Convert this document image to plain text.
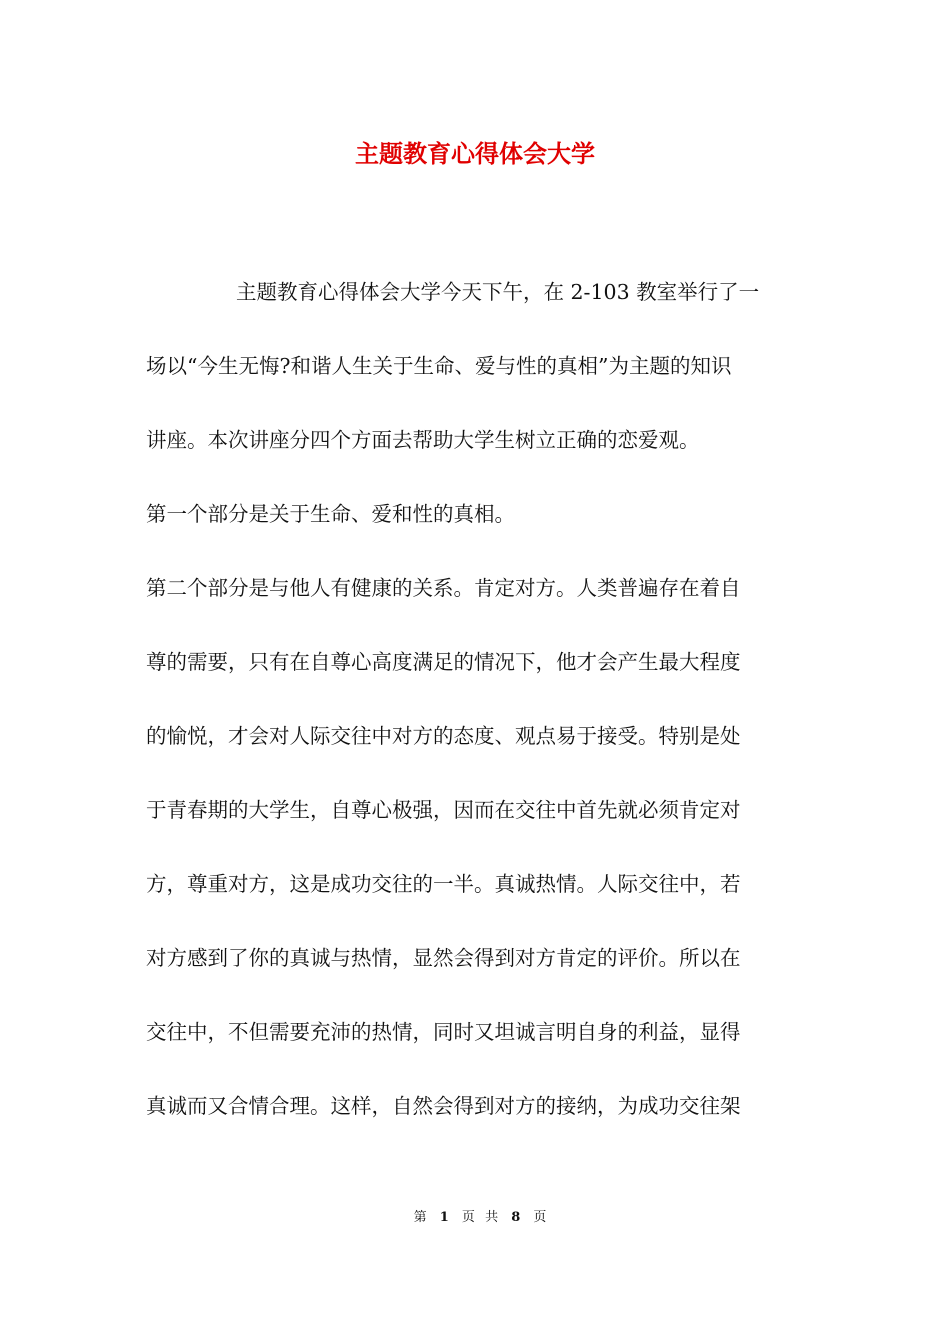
主题教育心得体会大学
主题教育心得体会大学今天下午，在 2-103 教室举行了一
场以“今生无悔?和谐人生关于生命、爱与性的真相”为主题的知识
讲座。本次讲座分四个方面去帮助大学生树立正确的恋爱观。
第一个部分是关于生命、爱和性的真相。
第二个部分是与他人有健康的关系。肯定对方。人类普遍存在着自
尊的需要，只有在自尊心高度满足的情况下，他才会产生最大程度
的愉悦，才会对人际交往中对方的态度、观点易于接受。特别是处
于青春期的大学生，自尊心极强，因而在交往中首先就必须肯定对
方，尊重对方，这是成功交往的一半。真诚热情。人际交往中，若
对方感到了你的真诚与热情，显然会得到对方肯定的评价。所以在
交往中，不但需要充沛的热情，同时又坦诚言明自身的利益，显得
真诚而又合情合理。这样，自然会得到对方的接纳，为成功交往架
第 1 页 共 8 页
